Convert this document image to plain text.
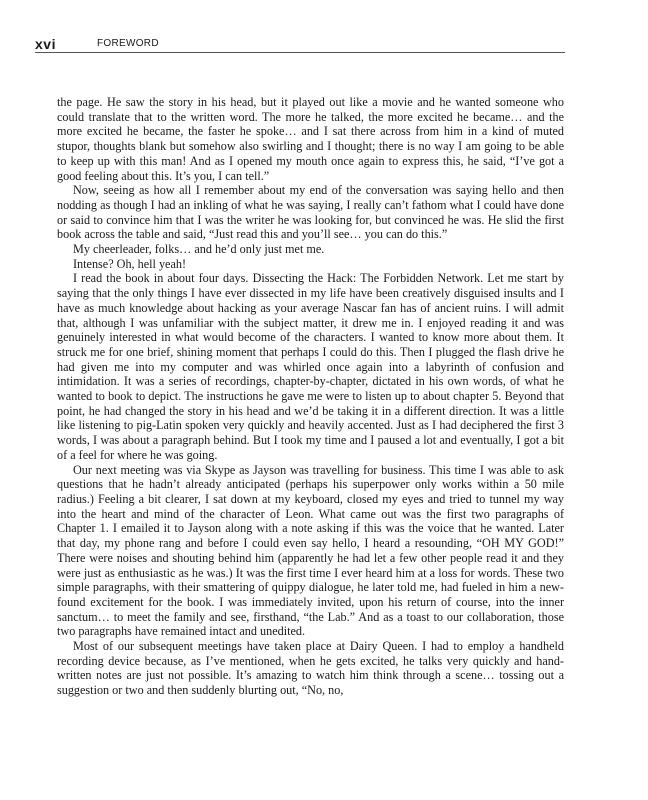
xvi	FOREWORD

the page. He saw the story in his head, but it played out like a movie and he wanted someone who could translate that to the written word. The more he talked, the more excited he became… and the more excited he became, the faster he spoke… and I sat there across from him in a kind of muted stupor, thoughts blank but somehow also swirling and I thought; there is no way I am going to be able to keep up with this man! And as I opened my mouth once again to express this, he said, “I’ve got a good feeling about this. It’s you, I can tell.”

Now, seeing as how all I remember about my end of the conversation was saying hello and then nodding as though I had an inkling of what he was saying, I really can’t fathom what I could have done or said to convince him that I was the writer he was looking for, but convinced he was. He slid the first book across the table and said, “Just read this and you’ll see… you can do this.”

My cheerleader, folks… and he’d only just met me.

Intense? Oh, hell yeah!

I read the book in about four days. Dissecting the Hack: The Forbidden Network. Let me start by saying that the only things I have ever dissected in my life have been creatively disguised insults and I have as much knowledge about hacking as your average Nascar fan has of ancient ruins. I will admit that, although I was unfamiliar with the subject matter, it drew me in. I enjoyed reading it and was genuinely interested in what would become of the characters. I wanted to know more about them. It struck me for one brief, shining moment that perhaps I could do this. Then I plugged the flash drive he had given me into my computer and was whirled once again into a labyrinth of confusion and intimidation. It was a series of recordings, chapter-by-chapter, dictated in his own words, of what he wanted to book to depict. The instructions he gave me were to listen up to about chapter 5. Beyond that point, he had changed the story in his head and we’d be taking it in a different direction. It was a little like listening to pig-Latin spoken very quickly and heavily accented. Just as I had deciphered the first 3 words, I was about a paragraph behind. But I took my time and I paused a lot and eventually, I got a bit of a feel for where he was going.

Our next meeting was via Skype as Jayson was travelling for business. This time I was able to ask questions that he hadn’t already anticipated (perhaps his superpower only works within a 50 mile radius.) Feeling a bit clearer, I sat down at my keyboard, closed my eyes and tried to tunnel my way into the heart and mind of the character of Leon. What came out was the first two paragraphs of Chapter 1. I emailed it to Jayson along with a note asking if this was the voice that he wanted. Later that day, my phone rang and before I could even say hello, I heard a resounding, “OH MY GOD!” There were noises and shouting behind him (apparently he had let a few other people read it and they were just as enthusiastic as he was.) It was the first time I ever heard him at a loss for words. These two simple paragraphs, with their smattering of quippy dialogue, he later told me, had fueled in him a new-found excitement for the book. I was immediately invited, upon his return of course, into the inner sanctum… to meet the family and see, firsthand, “the Lab.” And as a toast to our collaboration, those two paragraphs have remained intact and unedited.

Most of our subsequent meetings have taken place at Dairy Queen. I had to employ a handheld recording device because, as I’ve mentioned, when he gets excited, he talks very quickly and hand-written notes are just not possible. It’s amazing to watch him think through a scene… tossing out a suggestion or two and then suddenly blurting out, “No, no,
